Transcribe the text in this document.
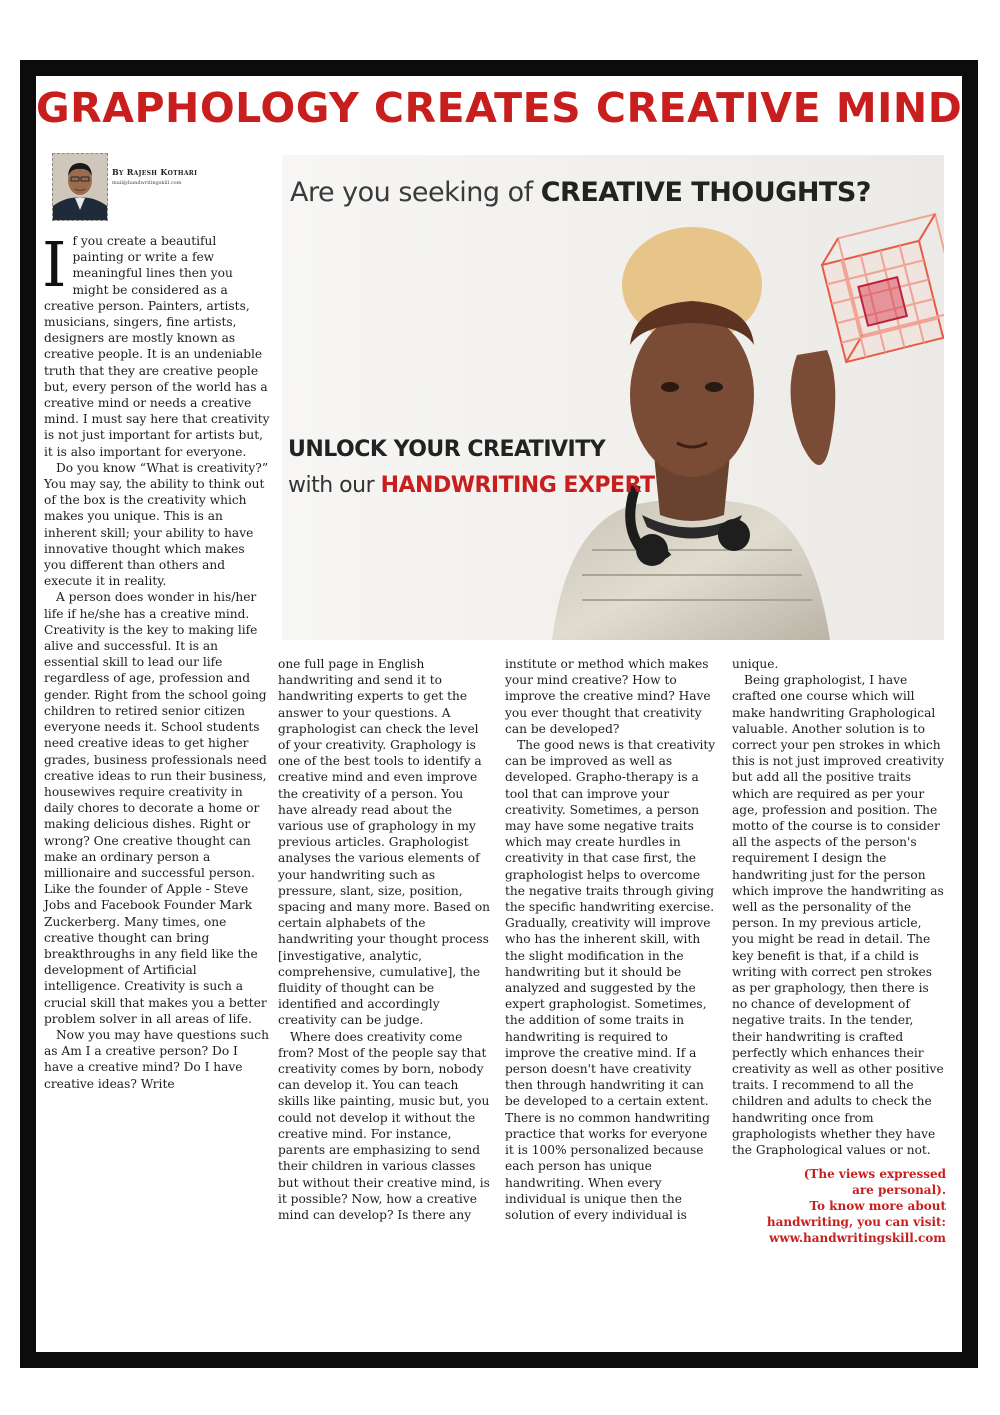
GRAPHOLOGY CREATES CREATIVE MIND
By Rajesh Kothari
mail@handwritingskill.com	Are you seeking of CREATIVE THOUGHTS?
UNLOCK YOUR CREATIVITY
with our HANDWRITING EXPERT

If you create a beautiful painting or write a few meaningful lines then you might be considered as a creative person. Painters, artists, musicians, singers, fine artists, designers are mostly known as creative people. It is an undeniable truth that they are creative people but, every person of the world has a creative mind or needs a creative mind. I must say here that creativity is not just important for artists but, it is also important for everyone.

Do you know “What is creativity?” You may say, the ability to think out of the box is the creativity which makes you unique. This is an inherent skill; your ability to have innovative thought which makes you different than others and execute it in reality.

A person does wonder in his/her life if he/she has a creative mind. Creativity is the key to making life alive and successful. It is an essential skill to lead our life regardless of age, profession and gender. Right from the school going children to retired senior citizen everyone needs it. School students need creative ideas to get higher grades, business professionals need creative ideas to run their business, housewives require creativity in daily chores to decorate a home or making delicious dishes. Right or wrong? One creative thought can make an ordinary person a millionaire and successful person. Like the founder of Apple - Steve Jobs and Facebook Founder Mark Zuckerberg. Many times, one creative thought can bring breakthroughs in any field like the development of Artificial intelligence. Creativity is such a crucial skill that makes you a better problem solver in all areas of life.

Now you may have questions such as Am I a creative person? Do I have a creative mind? Do I have creative ideas? Write

one full page in English handwriting and send it to handwriting experts to get the answer to your questions. A graphologist can check the level of your creativity. Graphology is one of the best tools to identify a creative mind and even improve the creativity of a person. You have already read about the various use of graphology in my previous articles. Graphologist analyses the various elements of your handwriting such as pressure, slant, size, position, spacing and many more. Based on certain alphabets of the handwriting your thought process [investigative, analytic, comprehensive, cumulative], the fluidity of thought can be identified and accordingly creativity can be judge.

Where does creativity come from? Most of the people say that creativity comes by born, nobody can develop it. You can teach skills like painting, music but, you could not develop it without the creative mind. For instance, parents are emphasizing to send their children in various classes but without their creative mind, is it possible? Now, how a creative mind can develop? Is there any

institute or method which makes your mind creative? How to improve the creative mind? Have you ever thought that creativity can be developed?

The good news is that creativity can be improved as well as developed. Grapho-therapy is a tool that can improve your creativity. Sometimes, a person may have some negative traits which may create hurdles in creativity in that case first, the graphologist helps to overcome the negative traits through giving the specific handwriting exercise. Gradually, creativity will improve who has the inherent skill, with the slight modification in the handwriting but it should be analyzed and suggested by the expert graphologist. Sometimes, the addition of some traits in handwriting is required to improve the creative mind. If a person doesn't have creativity then through handwriting it can be developed to a certain extent. There is no common handwriting practice that works for everyone it is 100% personalized because each person has unique handwriting. When every individual is unique then the solution of every individual is

unique.

Being graphologist, I have crafted one course which will make handwriting Graphological valuable. Another solution is to correct your pen strokes in which this is not just improved creativity but add all the positive traits which are required as per your age, profession and position. The motto of the course is to consider all the aspects of the person's requirement I design the handwriting just for the person which improve the handwriting as well as the personality of the person. In my previous article, you might be read in detail. The key benefit is that, if a child is writing with correct pen strokes as per graphology, then there is no chance of development of negative traits. In the tender, their handwriting is crafted perfectly which enhances their creativity as well as other positive traits. I recommend to all the children and adults to check the handwriting once from graphologists whether they have the Graphological values or not.

(The views expressed
are personal).
To know more about
handwriting, you can visit:
www.handwritingskill.com
